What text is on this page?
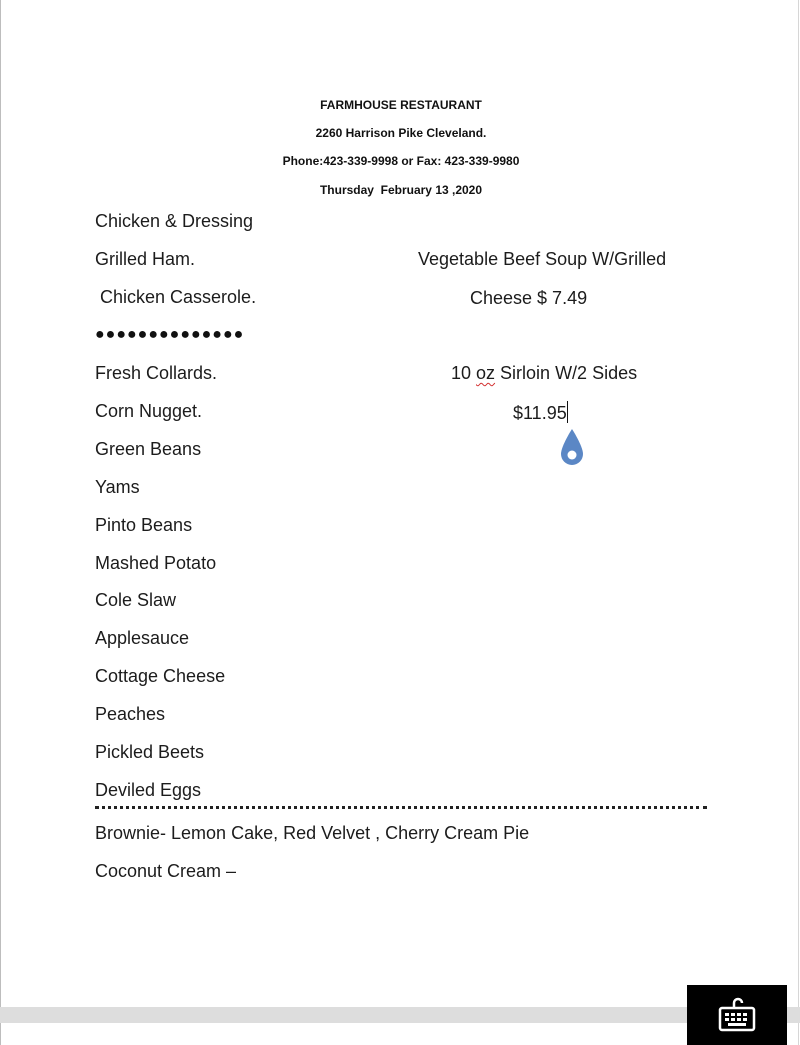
FARMHOUSE RESTAURANT
2260 Harrison Pike Cleveland.
Phone:423-339-9998 or Fax: 423-339-9980
Thursday  February 13 ,2020
Chicken & Dressing
Grilled Ham.
Chicken Casserole.
Vegetable Beef Soup W/Grilled
Cheese $ 7.49
●●●●●●●●●●●●●●
10 oz Sirloin W/2 Sides
$11.95
Fresh Collards.
Corn Nugget.
Green Beans
Yams
Pinto Beans
Mashed Potato
Cole Slaw
Applesauce
Cottage Cheese
Peaches
Pickled Beets
Deviled Eggs
Brownie- Lemon Cake, Red Velvet , Cherry Cream Pie
Coconut Cream –
